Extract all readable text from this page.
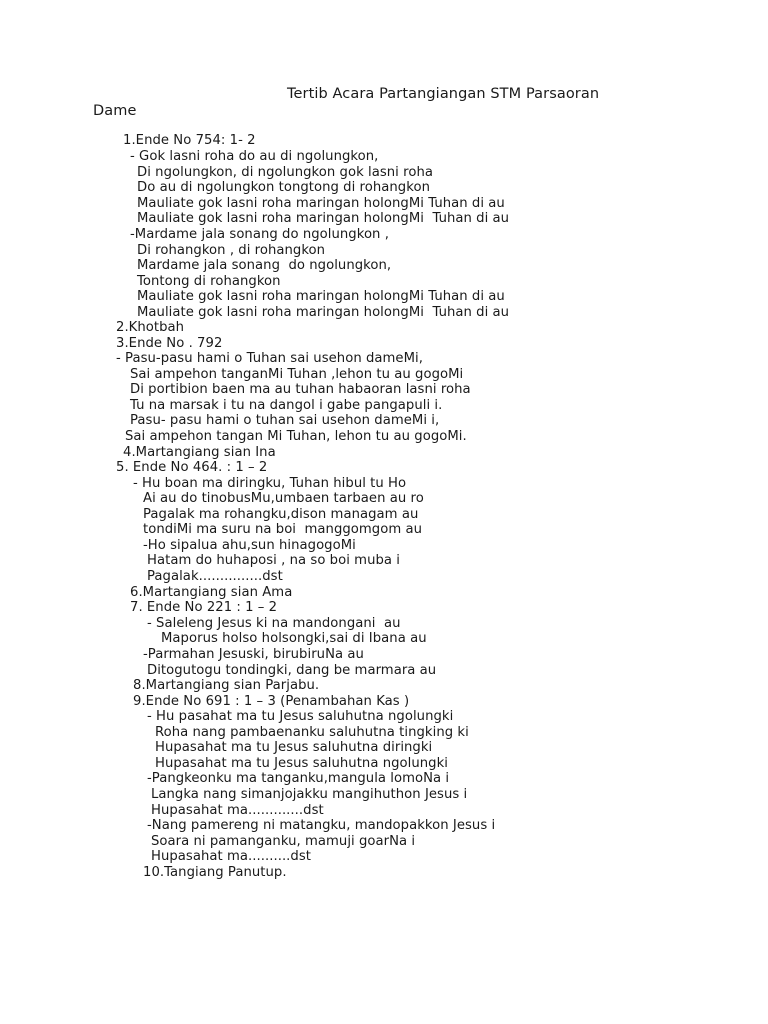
Tertib Acara Partangiangan STM Parsaoran
Dame
1.Ende No 754: 1- 2
- Gok lasni roha do au di ngolungkon,
Di ngolungkon, di ngolungkon gok lasni roha
Do au di ngolungkon tongtong di rohangkon
Mauliate gok lasni roha maringan holongMi Tuhan di au
Mauliate gok lasni roha maringan holongMi  Tuhan di au
-Mardame jala sonang do ngolungkon ,
Di rohangkon , di rohangkon
Mardame jala sonang  do ngolungkon,
Tontong di rohangkon
Mauliate gok lasni roha maringan holongMi Tuhan di au
Mauliate gok lasni roha maringan holongMi  Tuhan di au
2.Khotbah
3.Ende No . 792
- Pasu-pasu hami o Tuhan sai usehon dameMi,
Sai ampehon tanganMi Tuhan ,lehon tu au gogoMi
Di portibion baen ma au tuhan habaoran lasni roha
Tu na marsak i tu na dangol i gabe pangapuli i.
Pasu- pasu hami o tuhan sai usehon dameMi i,
Sai ampehon tangan Mi Tuhan, lehon tu au gogoMi.
4.Martangiang sian Ina
5. Ende No 464. : 1 – 2
- Hu boan ma diringku, Tuhan hibul tu Ho
Ai au do tinobusMu,umbaen tarbaen au ro
Pagalak ma rohangku,dison managam au
tondiMi ma suru na boi  manggomgom au
-Ho sipalua ahu,sun hinagogoMi
Hatam do huhaposi , na so boi muba i
Pagalak...............dst
6.Martangiang sian Ama
7. Ende No 221 : 1 – 2
- Saleleng Jesus ki na mandongani  au
Maporus holso holsongki,sai di Ibana au
-Parmahan Jesuski, birubiruNa au
Ditogutogu tondingki, dang be marmara au
8.Martangiang sian Parjabu.
9.Ende No 691 : 1 – 3 (Penambahan Kas )
- Hu pasahat ma tu Jesus saluhutna ngolungki
Roha nang pambaenanku saluhutna tingking ki
Hupasahat ma tu Jesus saluhutna diringki
Hupasahat ma tu Jesus saluhutna ngolungki
-Pangkeonku ma tanganku,mangula lomoNa i
Langka nang simanjojakku mangihuthon Jesus i
Hupasahat ma.............dst
-Nang pamereng ni matangku, mandopakkon Jesus i
Soara ni pamanganku, mamuji goarNa i
Hupasahat ma..........dst
10.Tangiang Panutup.
